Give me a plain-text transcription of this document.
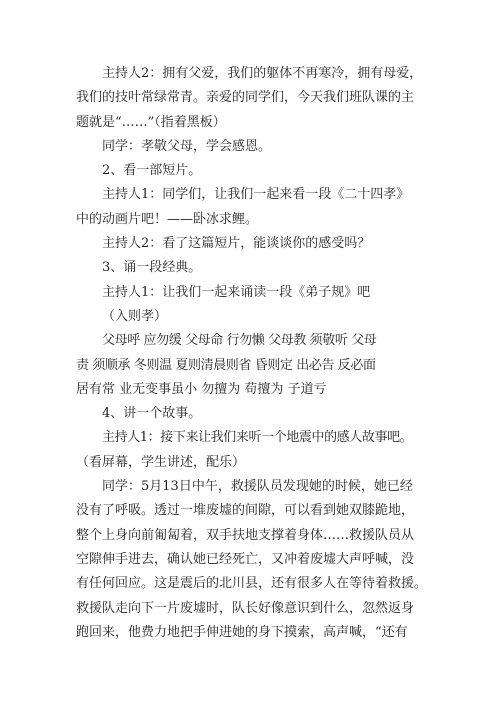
主持人2：拥有父爱，我们的躯体不再寒冷，拥有母爱，

我们的技叶常绿常青。亲爱的同学们，今天我们班队课的主

题就是“……”（指着黑板）

同学：孝敬父母，学会感恩。

2、看一部短片。

主持人1：同学们，让我们一起来看一段《二十四孝》

中的动画片吧！——卧冰求鲤。

主持人2：看了这篇短片，能谈谈你的感受吗？

3、诵一段经典。

主持人1：让我们一起来诵读一段《弟子规》吧

（入则孝）

父母呼 应勿缓 父母命 行勿懒 父母教 须敬听 父母

责 须顺承 冬则温 夏则清晨则省 昏则定 出必告 反必面

居有常 业无变事虽小 勿擅为 苟擅为 子道亏

4、讲一个故事。

主持人1：接下来让我们来听一个地震中的感人故事吧。

（看屏幕，学生讲述，配乐）

同学：5月13日中午，救援队员发现她的时候，她已经

没有了呼吸。透过一堆废墟的间隙，可以看到她双膝跪地，

整个上身向前匍匐着，双手扶地支撑着身体……救援队员从

空隙伸手进去，确认她已经死亡，又冲着废墟大声呼喊，没

有任何回应。这是震后的北川县，还有很多人在等待着救援。

救援队走向下一片废墟时，队长好像意识到什么，忽然返身

跑回来，他费力地把手伸进她的身下摸索，高声喊，“还有
